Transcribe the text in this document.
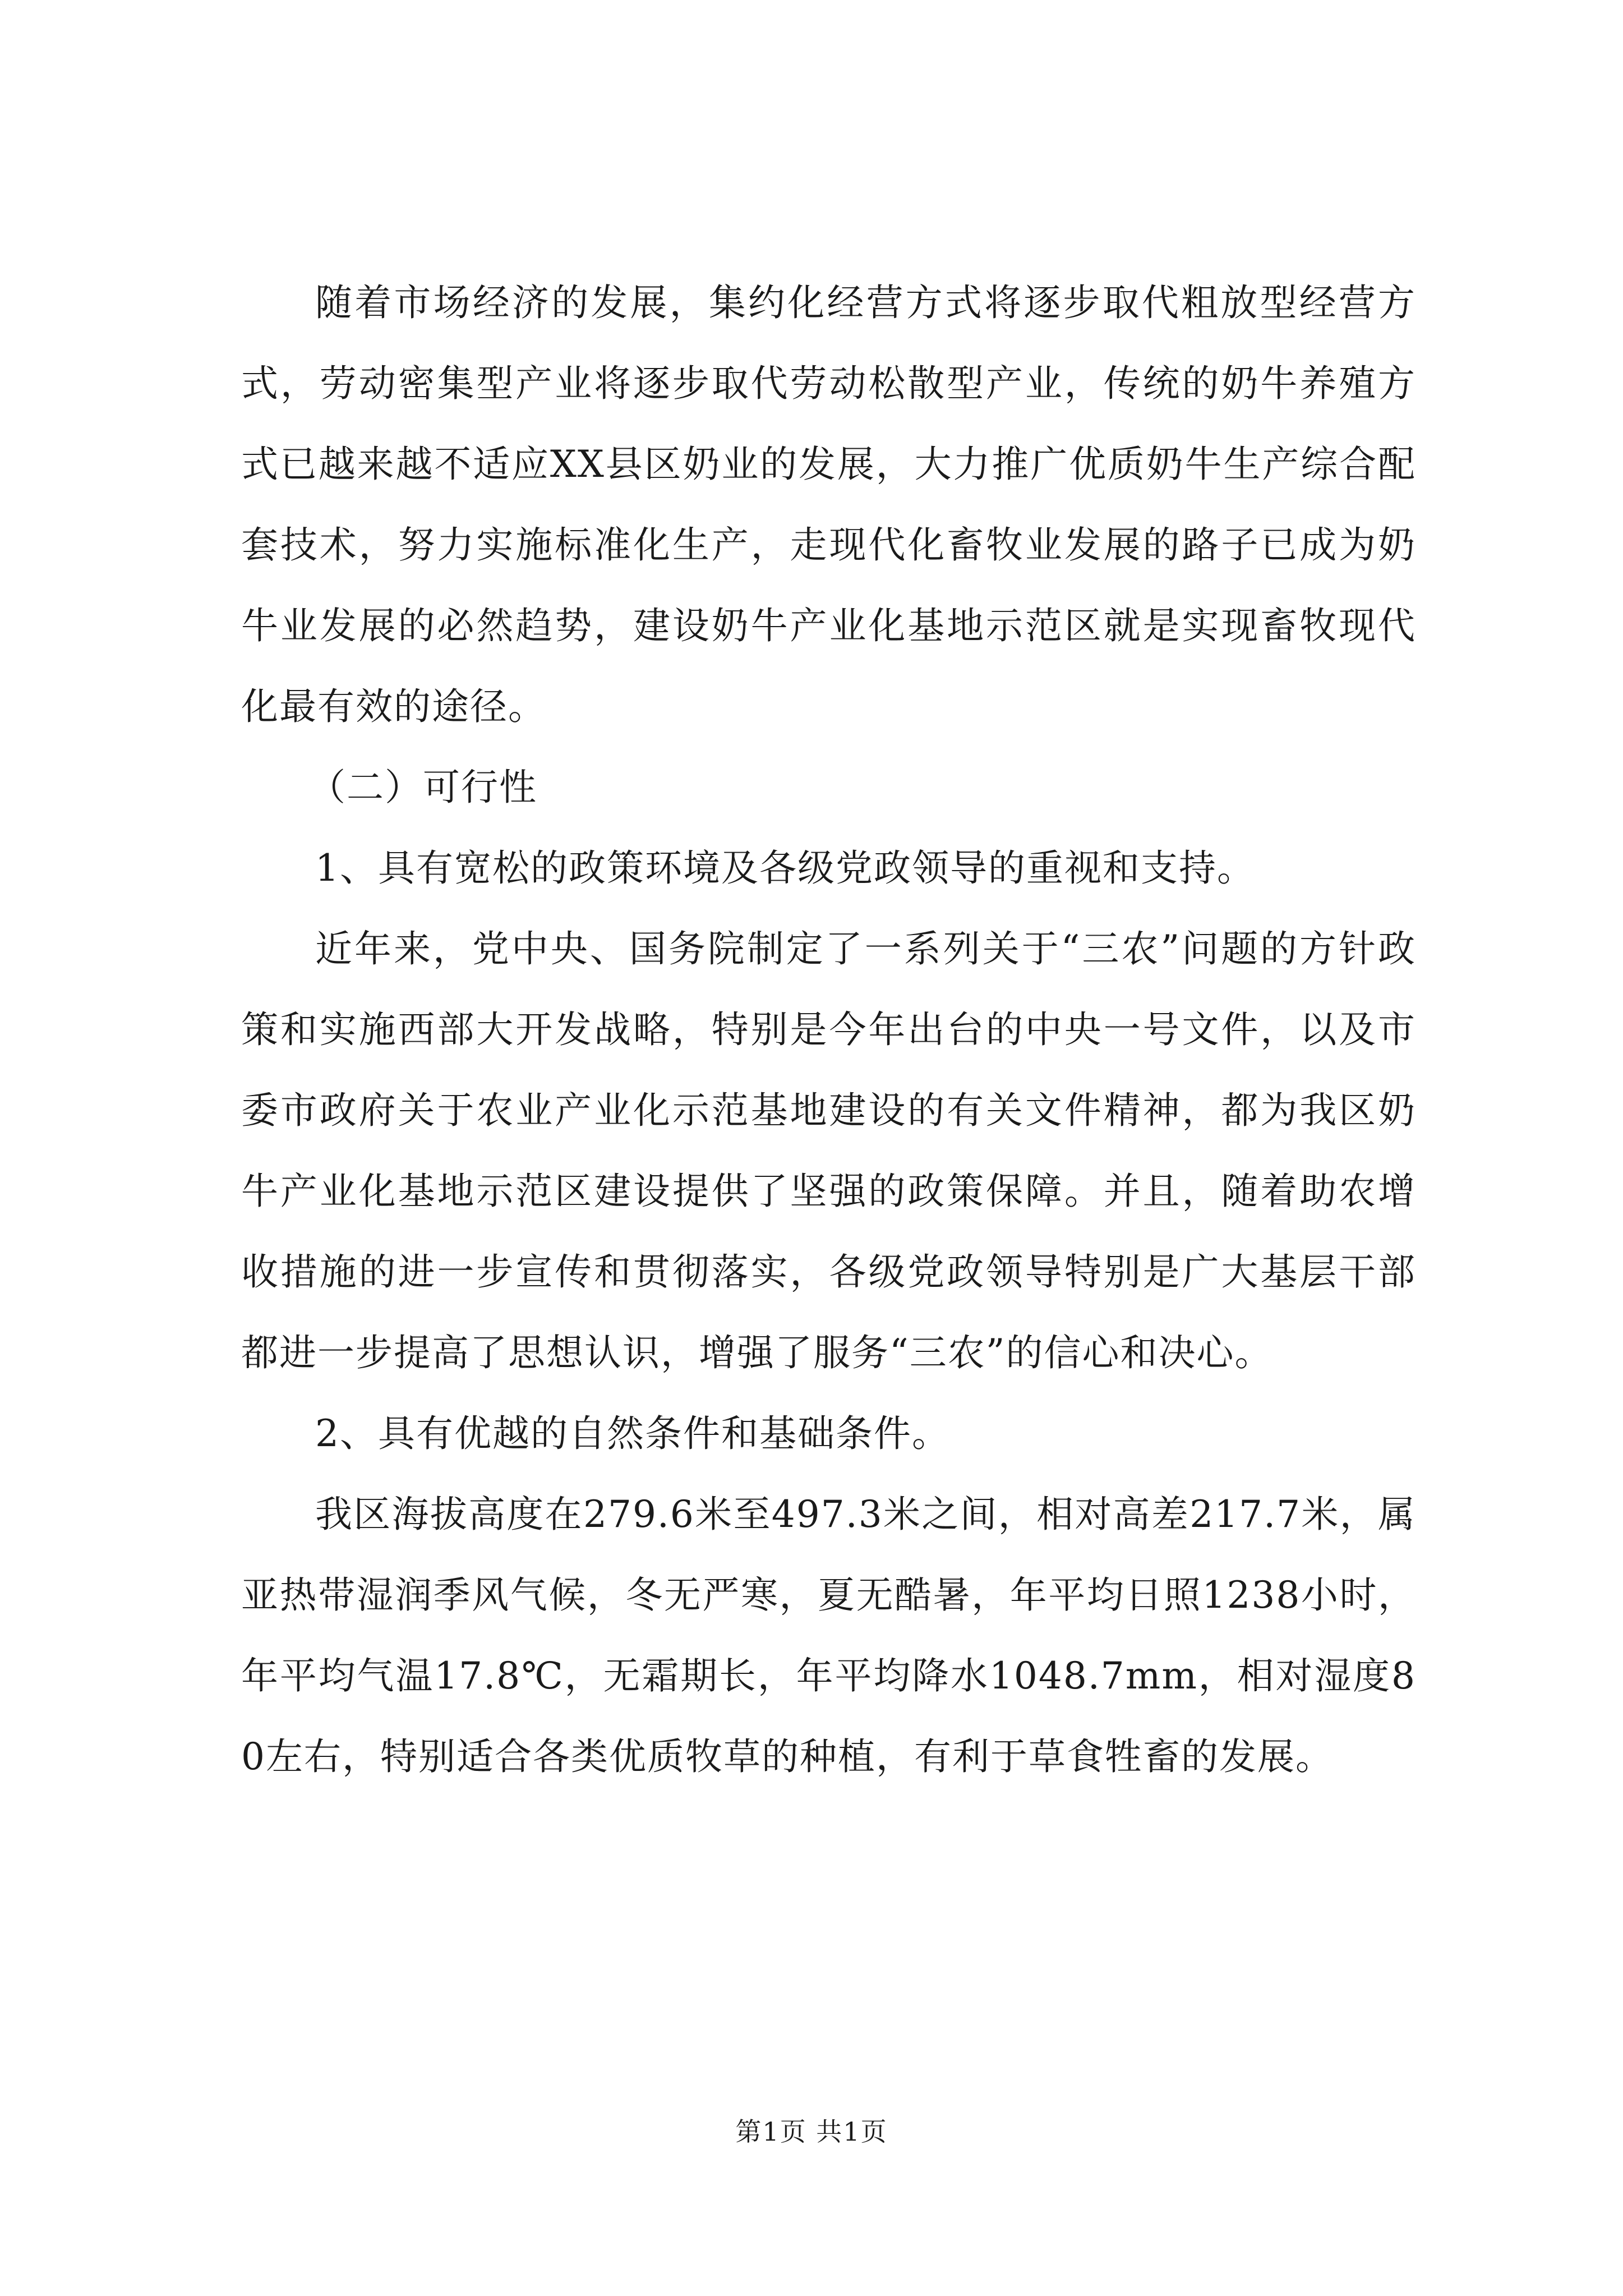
随着市场经济的发展，集约化经营方式将逐步取代粗放型经营方式，劳动密集型产业将逐步取代劳动松散型产业，传统的奶牛养殖方式已越来越不适应XX县区奶业的发展，大力推广优质奶牛生产综合配套技术，努力实施标准化生产，走现代化畜牧业发展的路子已成为奶牛业发展的必然趋势，建设奶牛产业化基地示范区就是实现畜牧现代化最有效的途径。

（二）可行性

1、具有宽松的政策环境及各级党政领导的重视和支持。

近年来，党中央、国务院制定了一系列关于“三农”问题的方针政策和实施西部大开发战略，特别是今年出台的中央一号文件，以及市委市政府关于农业产业化示范基地建设的有关文件精神，都为我区奶牛产业化基地示范区建设提供了坚强的政策保障。并且，随着助农增收措施的进一步宣传和贯彻落实，各级党政领导特别是广大基层干部都进一步提高了思想认识，增强了服务“三农”的信心和决心。

2、具有优越的自然条件和基础条件。

我区海拔高度在279.6米至497.3米之间，相对高差217.7米，属亚热带湿润季风气候，冬无严寒，夏无酷暑，年平均日照1238小时，年平均气温17.8℃，无霜期长，年平均降水1048.7mm，相对湿度80左右，特别适合各类优质牧草的种植，有利于草食牲畜的发展。

第1页 共1页
